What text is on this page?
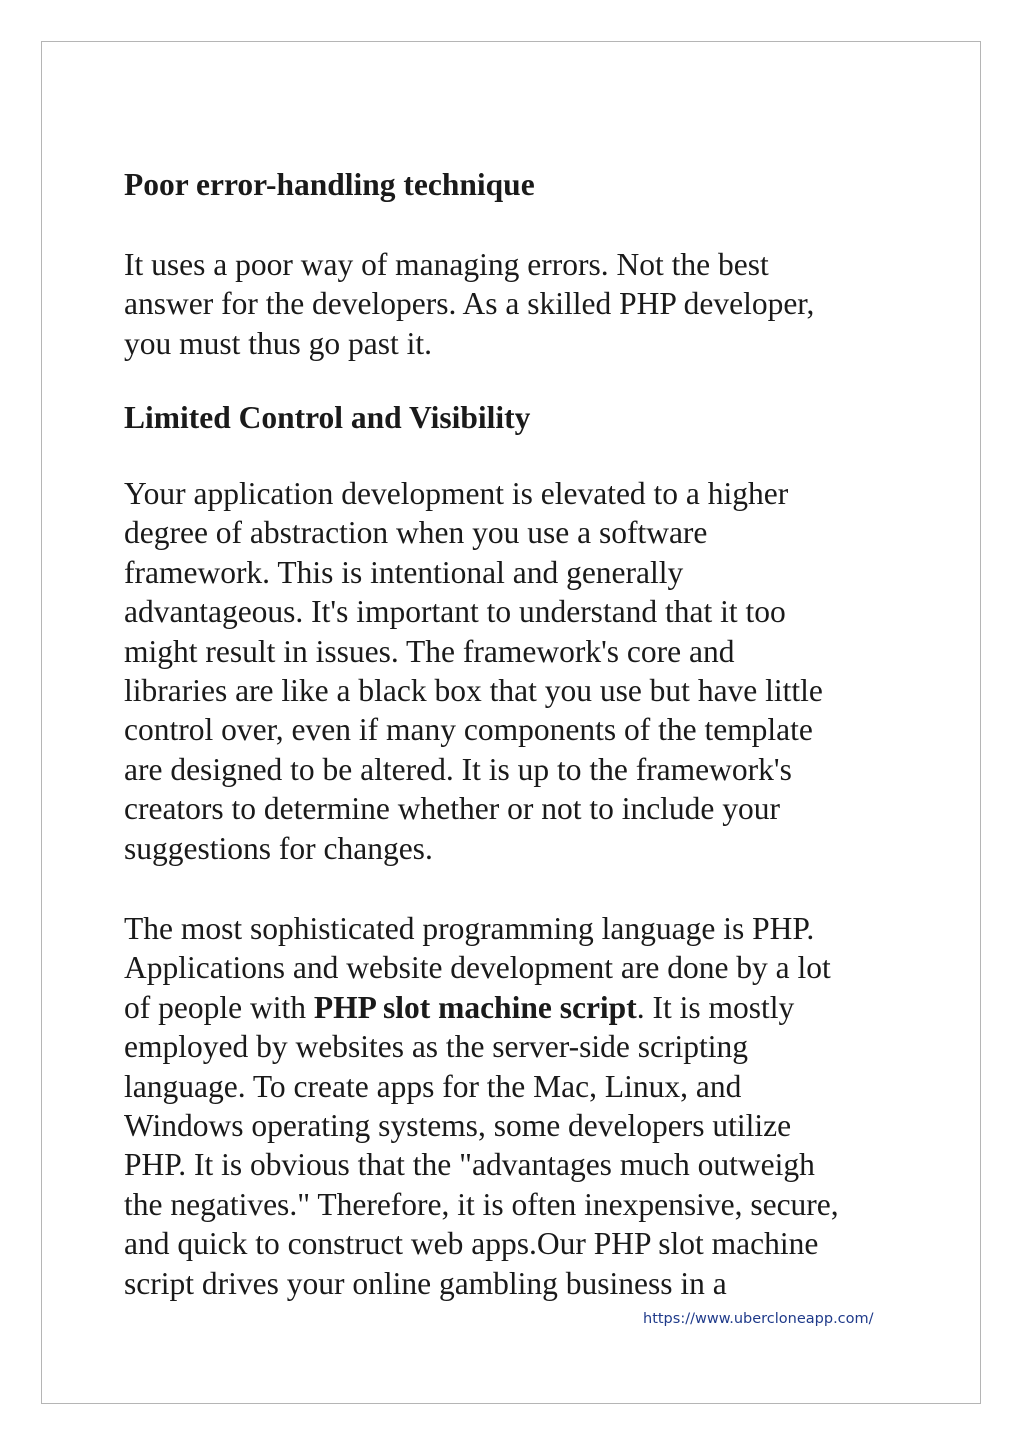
Poor error-handling technique

It uses a poor way of managing errors. Not the best
answer for the developers. As a skilled PHP developer,
you must thus go past it.

Limited Control and Visibility

Your application development is elevated to a higher
degree of abstraction when you use a software
framework. This is intentional and generally
advantageous. It's important to understand that it too
might result in issues. The framework's core and
libraries are like a black box that you use but have little
control over, even if many components of the template
are designed to be altered. It is up to the framework's
creators to determine whether or not to include your
suggestions for changes.

The most sophisticated programming language is PHP.
Applications and website development are done by a lot
of people with PHP slot machine script. It is mostly
employed by websites as the server-side scripting
language. To create apps for the Mac, Linux, and
Windows operating systems, some developers utilize
PHP. It is obvious that the "advantages much outweigh
the negatives." Therefore, it is often inexpensive, secure,
and quick to construct web apps.Our PHP slot machine
script drives your online gambling business in a

https://www.ubercloneapp.com/
